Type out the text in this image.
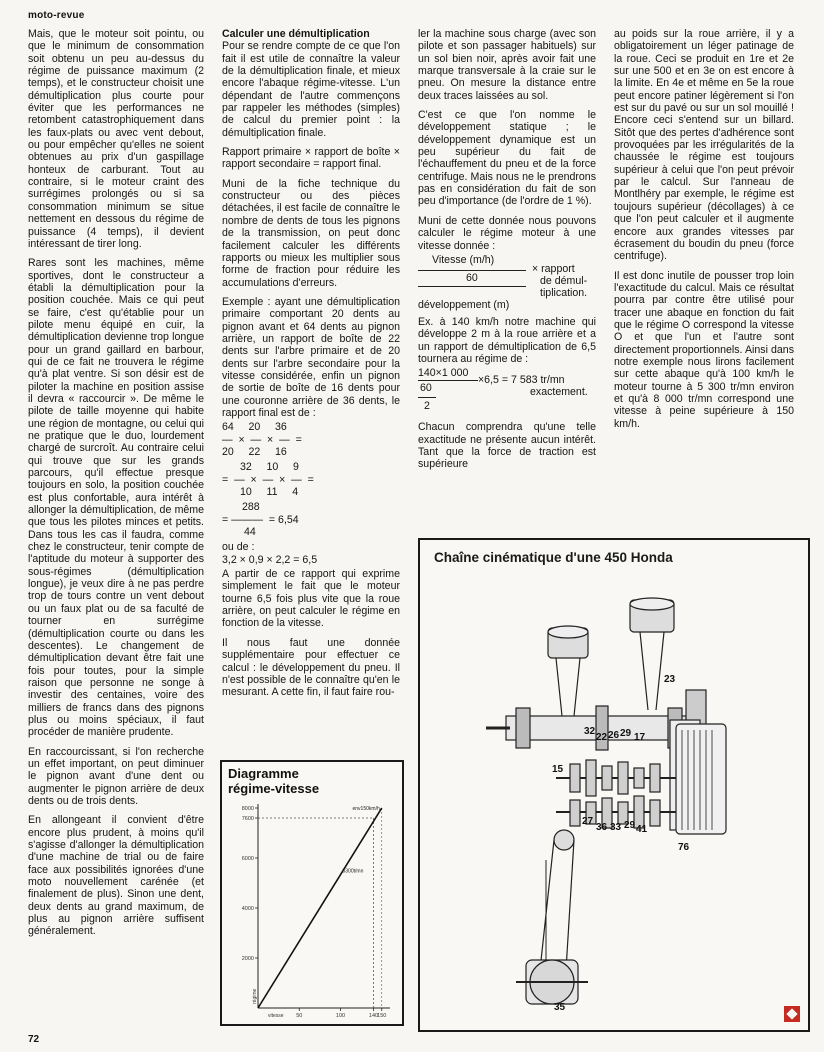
moto-revue

Mais, que le moteur soit pointu, ou que le minimum de consommation soit obtenu un peu au-dessus du régime de puissance maximum (2 temps), et le constructeur choisit une démultiplication plus courte pour éviter que les performances ne retombent catastrophiquement dans les faux-plats ou avec vent debout, ou pour empêcher qu'elles ne soient obtenues au prix d'un gaspillage honteux de carburant. Tout au contraire, si le moteur craint des surrégimes prolongés ou si sa consommation minimum se situe nettement en dessous du régime de puissance (4 temps), il devient intéressant de tirer long.

Rares sont les machines, même sportives, dont le constructeur a établi la démultiplication pour la position couchée. Mais ce qui peut se faire, c'est qu'établie pour un pilote menu équipé en cuir, la démultiplication devienne trop longue pour un grand gaillard en barbour, qui de ce fait ne trouvera le régime qu'à plat ventre. Si son désir est de piloter la machine en position assise il devra « raccourcir ». De même le pilote de taille moyenne qui habite une région de montagne, ou celui qui ne pratique que le duo, lourdement chargé de surcroît. Au contraire celui qui trouve que sur les grands parcours, qu'il effectue presque toujours en solo, la position couchée est plus confortable, aura intérêt à allonger la démultiplication, de même que tous les pilotes minces et petits. Dans tous les cas il faudra, comme chez le constructeur, tenir compte de l'aptitude du moteur à supporter des sous-régimes (démultiplication longue), je veux dire à ne pas perdre trop de tours contre un vent debout ou un faux plat ou de sa faculté de tourner en surrégime (démultiplication courte ou dans les descentes). Le changement de démultiplication devant être fait une fois pour toutes, pour la simple raison que personne ne songe à investir des centaines, voire des milliers de francs dans des pignons plus ou moins spéciaux, il faut procéder de manière prudente.

En raccourcissant, si l'on recherche un effet important, on peut diminuer le pignon avant d'une dent ou augmenter le pignon arrière de deux dents ou de trois dents.

En allongeant il convient d'être encore plus prudent, à moins qu'il s'agisse d'allonger la démultiplication d'une machine de trial ou de faire face aux possibilités ignorées d'une moto nouvellement carénée (et finalement de plus). Sinon une dent, deux dents au grand maximum, de plus au pignon arrière suffisent généralement.

Calculer une démultiplication

Pour se rendre compte de ce que l'on fait il est utile de connaître la valeur de la démultiplication finale, et mieux encore l'abaque régime-vitesse. L'un dépendant de l'autre commençons par rappeler les méthodes (simples) de calcul du premier point : la démultiplication finale.

Rapport primaire × rapport de boîte × rapport secondaire = rapport final.

Muni de la fiche technique du constructeur ou des pièces détachées, il est facile de connaître le nombre de dents de tous les pignons de la transmission, on peut donc facilement calculer les différents rapports ou mieux les multiplier sous forme de fraction pour réduire les accumulations d'erreurs.

Exemple : ayant une démultiplication primaire comportant 20 dents au pignon avant et 64 dents au pignon arrière, un rapport de boîte de 22 dents sur l'arbre primaire et de 20 dents sur l'arbre secondaire pour la vitesse considérée, enfin un pignon de sortie de boîte de 16 dents pour une couronne arrière de 36 dents, le rapport final est de :

64     20     36
—  ×  —  ×  —  =
20     22     16
32     10     9
=  —  ×  —  ×  —  =
10     11     4
288
= ——— = 6,54
44
ou de :
3,2 × 0,9 × 2,2 = 6,5

A partir de ce rapport qui exprime simplement le fait que le moteur tourne 6,5 fois plus vite que la roue arrière, on peut calculer le régime en fonction de la vitesse.

Il nous faut une donnée supplémentaire pour effectuer ce calcul : le développement du pneu. Il n'est possible de le connaître qu'en le mesurant. A cette fin, il faut faire rou-

ler la machine sous charge (avec son pilote et son passager habituels) sur un sol bien noir, après avoir fait une marque transversale à la craie sur le pneu. On mesure la distance entre deux traces laissées au sol.

C'est ce que l'on nomme le développement statique ; le développement dynamique est un peu supérieur du fait de l'échauffement du pneu et de la force centrifuge. Mais nous ne le prendrons pas en considération du fait de son peu d'importance (de l'ordre de 1 %).

Muni de cette donnée nous pouvons calculer le régime moteur à une vitesse donnée :

Vitesse (m/h)
60
× rapport
de démul-
tiplication.
développement (m)

Ex. à 140 km/h notre machine qui développe 2 m à la roue arrière et a un rapport de démultiplication de 6,5 tournera au régime de :

140×1 000
×6,5 = 7 583 tr/mn
60	exactement.
2

Chacun comprendra qu'une telle exactitude ne présente aucun intérêt. Tant que la force de traction est supérieure

au poids sur la roue arrière, il y a obligatoirement un léger patinage de la roue. Ceci se produit en 1re et 2e sur une 500 et en 3e on est encore à la limite. En 4e et même en 5e la roue peut encore patiner légèrement si l'on est sur du pavé ou sur un sol mouillé ! Encore ceci s'entend sur un billard. Sitôt que des pertes d'adhérence sont provoquées par les irrégularités de la chaussée le régime est toujours supérieur à celui que l'on peut prévoir par le calcul. Sur l'anneau de Montlhéry par exemple, le régime est toujours supérieur (décollages) à ce que l'on peut calculer et il augmente encore aux grandes vitesses par écrasement du boudin du pneu (force centrifuge).

Il est donc inutile de pousser trop loin l'exactitude du calcul. Mais ce résultat pourra par contre être utilisé pour tracer une abaque en fonction du fait que le régime O correspond la vitesse O et que l'un et l'autre sont directement proportionnels. Ainsi dans notre exemple nous lirons facilement sur cette abaque qu'à 100 km/h le moteur tourne à 5 300 tr/mn environ et qu'à 8 000 tr/mn correspond une vitesse à peine supérieure à 150 km/h.

Diagramme
régime-vitesse
8000
7600
6000
4000
2000
50	100	140 150
vitesse
régime
env150km/h
5300t/mn
Chaîne cinématique d'une 450 Honda
23
32
22 26 29 17
15
76
27
36 33 29 41
35
72
